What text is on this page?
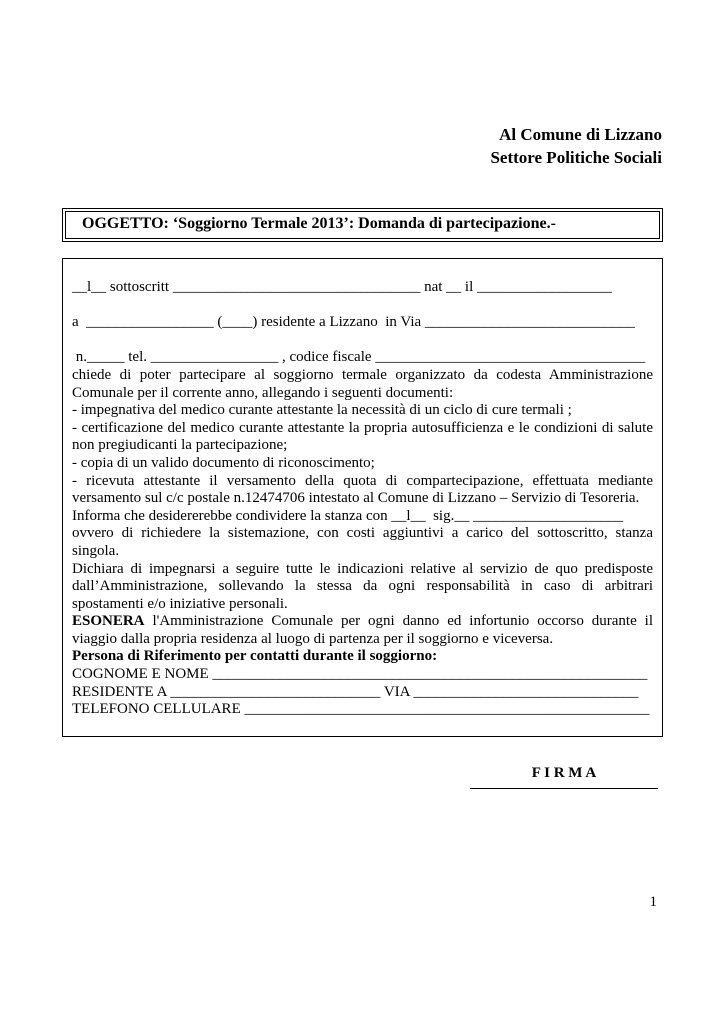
Al Comune di Lizzano
Settore Politiche Sociali
OGGETTO: ‘Soggiorno Termale 2013’: Domanda di partecipazione.-

__l__ sottoscritt _________________________________ nat __ il __________________

a  _________________ (____) residente a Lizzano  in Via ____________________________

n._____ tel. _________________ , codice fiscale ____________________________________

chiede di poter partecipare al soggiorno termale organizzato da codesta Amministrazione Comunale per il corrente anno, allegando i seguenti documenti:

- impegnativa del medico curante attestante la necessità di un ciclo di cure termali ;

- certificazione del medico curante attestante la propria autosufficienza e le condizioni di salute non pregiudicanti la partecipazione;

- copia di un valido documento di riconoscimento;

- ricevuta attestante il versamento della quota di compartecipazione, effettuata mediante versamento sul c/c postale n.12474706 intestato al Comune di Lizzano – Servizio di Tesoreria.

Informa che desidererebbe condividere la stanza con __l__  sig.__ ____________________

ovvero di richiedere la sistemazione, con costi aggiuntivi a carico del sottoscritto, stanza singola.

Dichiara di impegnarsi a seguire tutte le indicazioni relative al servizio de quo predisposte dall’Amministrazione, sollevando la stessa da ogni responsabilità in caso di arbitrari spostamenti e/o iniziative personali.

ESONERA l'Amministrazione Comunale per ogni danno ed infortunio occorso durante il viaggio dalla propria residenza al luogo di partenza per il soggiorno e viceversa.

Persona di Riferimento per contatti durante il soggiorno:

COGNOME E NOME __________________________________________________________

RESIDENTE A ____________________________ VIA ______________________________

TELEFONO CELLULARE ______________________________________________________

F I R M A
1
